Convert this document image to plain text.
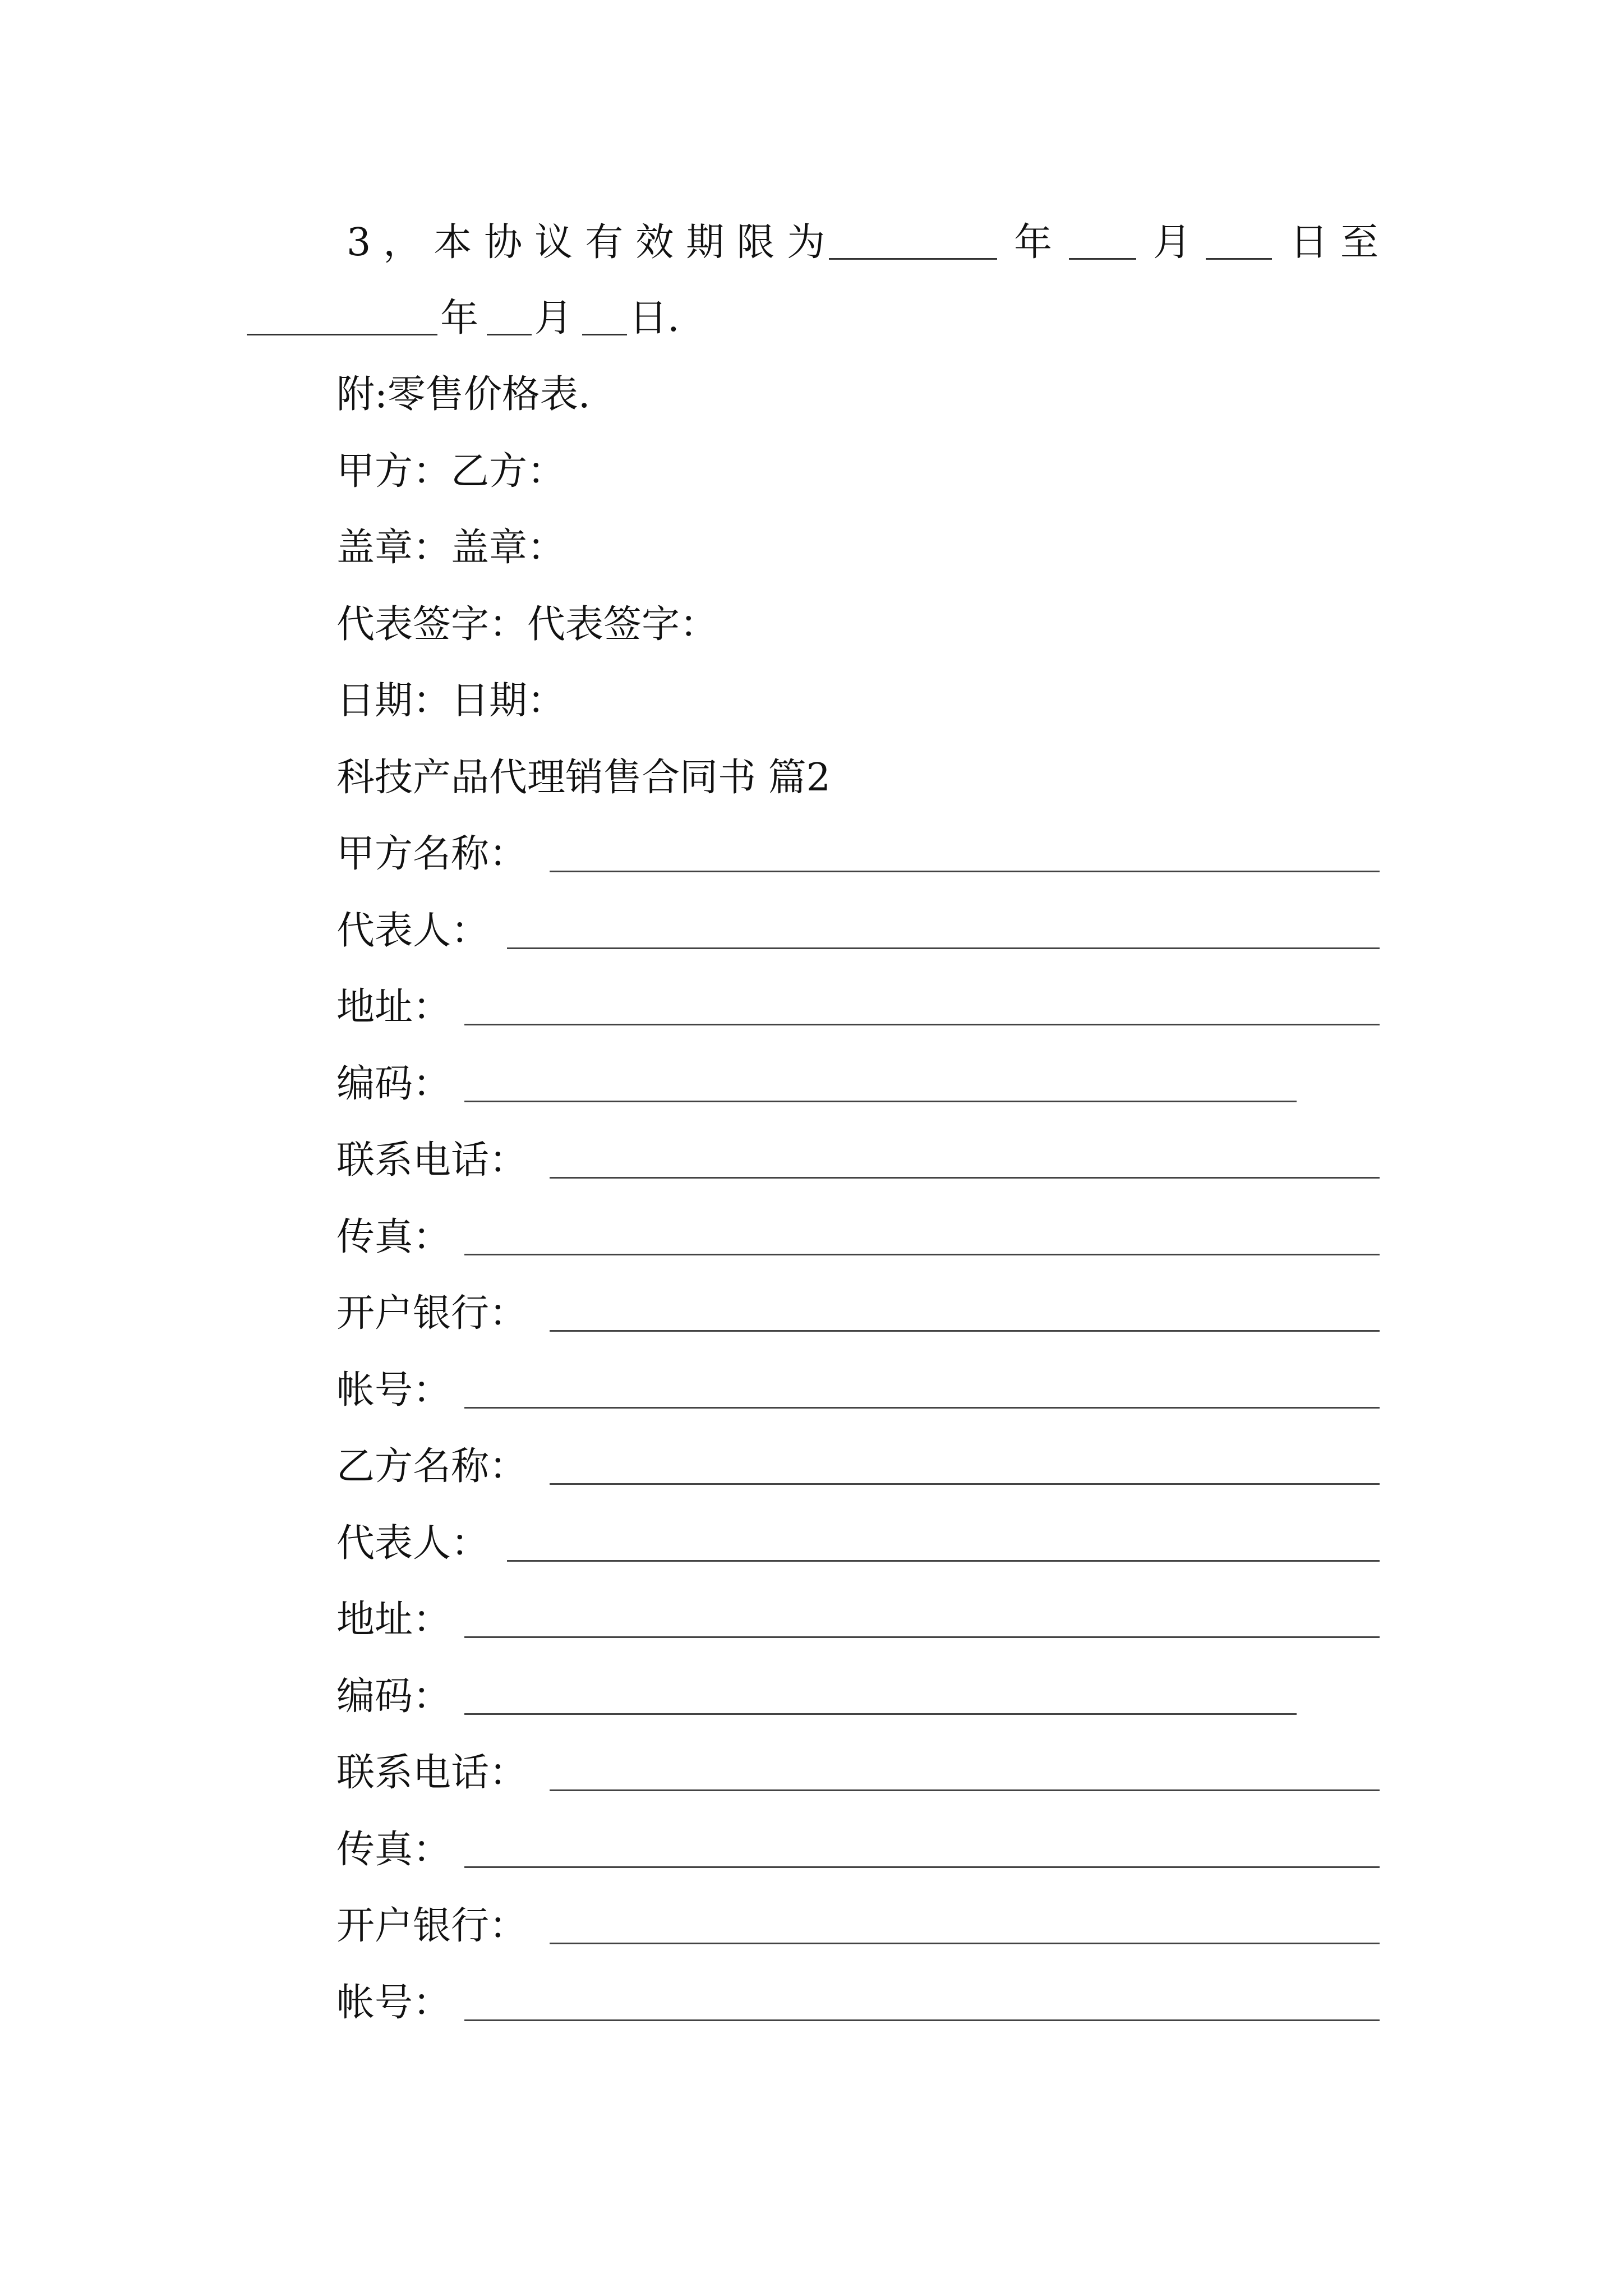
3，本协议有效期限为	年	月	日至
年 月 日.
附:零售价格表.
甲方：乙方：
盖章：盖章：
代表签字：代表签字：
日期：日期：
科技产品代理销售合同书 篇2
甲方名称：
代表人：
地址：
编码：
联系电话：
传真：
开户银行：
帐号：
乙方名称：
代表人：
地址：
编码：
联系电话：
传真：
开户银行：
帐号：
